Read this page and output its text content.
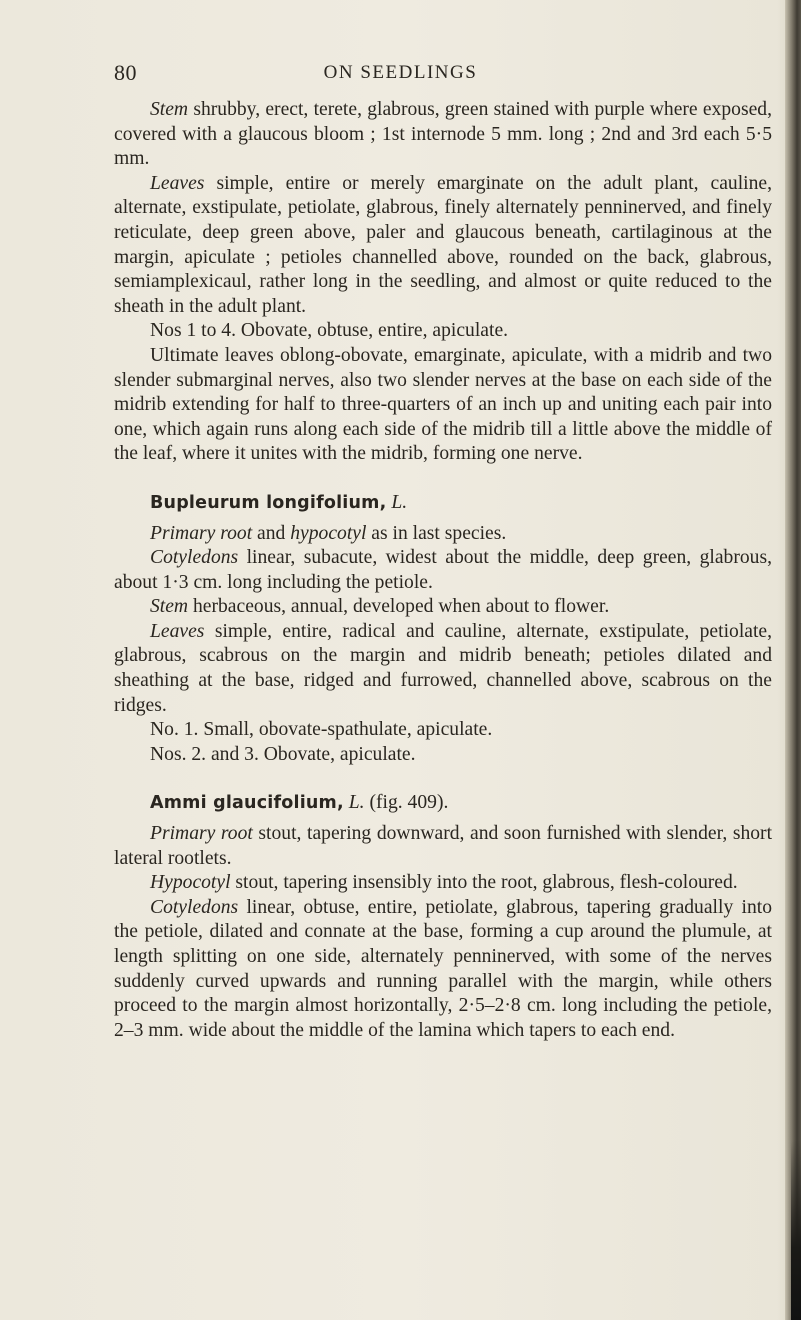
80	ON SEEDLINGS

Stem shrubby, erect, terete, glabrous, green stained with purple where exposed, covered with a glaucous bloom ; 1st internode 5 mm. long ; 2nd and 3rd each 5·5 mm.

Leaves simple, entire or merely emarginate on the adult plant, cauline, alternate, exstipulate, petiolate, glabrous, finely alternately penninerved, and finely reticulate, deep green above, paler and glaucous beneath, cartilaginous at the margin, apiculate ; petioles channelled above, rounded on the back, glabrous, semiamplexicaul, rather long in the seedling, and almost or quite reduced to the sheath in the adult plant.

Nos 1 to 4. Obovate, obtuse, entire, apiculate.

Ultimate leaves oblong-obovate, emarginate, apiculate, with a midrib and two slender submarginal nerves, also two slender nerves at the base on each side of the midrib extending for half to three-quarters of an inch up and uniting each pair into one, which again runs along each side of the midrib till a little above the middle of the leaf, where it unites with the midrib, forming one nerve.

Bupleurum longifolium, L.

Primary root and hypocotyl as in last species.

Cotyledons linear, subacute, widest about the middle, deep green, glabrous, about 1·3 cm. long including the petiole.

Stem herbaceous, annual, developed when about to flower.

Leaves simple, entire, radical and cauline, alternate, exstipulate, petiolate, glabrous, scabrous on the margin and midrib beneath; petioles dilated and sheathing at the base, ridged and furrowed, channelled above, scabrous on the ridges.

No. 1. Small, obovate-spathulate, apiculate.

Nos. 2. and 3. Obovate, apiculate.

Ammi glaucifolium, L. (fig. 409).

Primary root stout, tapering downward, and soon furnished with slender, short lateral rootlets.

Hypocotyl stout, tapering insensibly into the root, glabrous, flesh-coloured.

Cotyledons linear, obtuse, entire, petiolate, glabrous, tapering gradually into the petiole, dilated and connate at the base, forming a cup around the plumule, at length splitting on one side, alternately penninerved, with some of the nerves suddenly curved upwards and running parallel with the margin, while others proceed to the margin almost horizontally, 2·5–2·8 cm. long including the petiole, 2–3 mm. wide about the middle of the lamina which tapers to each end.
